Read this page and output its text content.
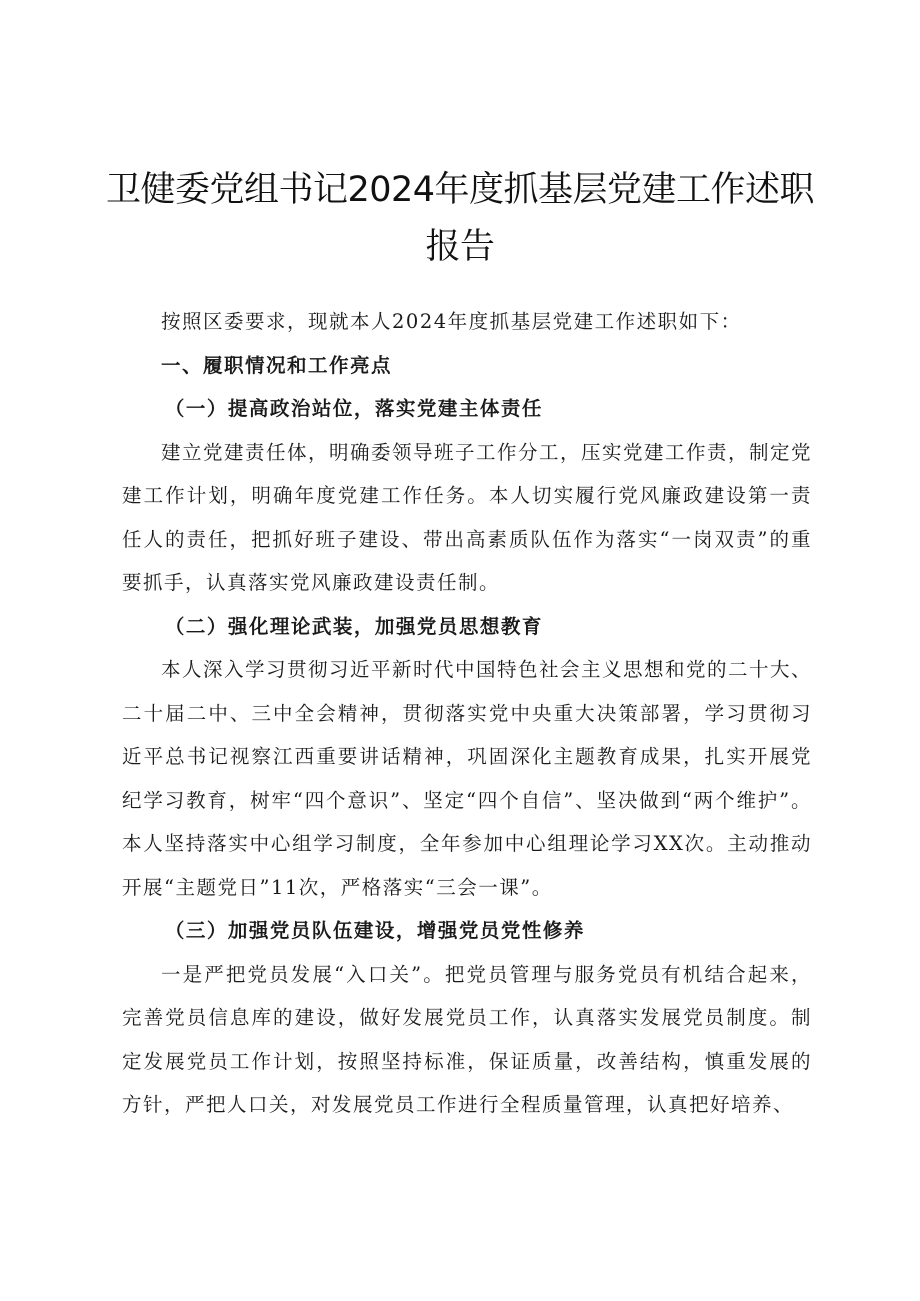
卫健委党组书记2024年度抓基层党建工作述职报告

按照区委要求，现就本人2024年度抓基层党建工作述职如下：

一、履职情况和工作亮点

（一）提高政治站位，落实党建主体责任

建立党建责任体，明确委领导班子工作分工，压实党建工作责，制定党建工作计划，明确年度党建工作任务。本人切实履行党风廉政建设第一责任人的责任，把抓好班子建设、带出高素质队伍作为落实“一岗双责”的重要抓手，认真落实党风廉政建设责任制。

（二）强化理论武装，加强党员思想教育

本人深入学习贯彻习近平新时代中国特色社会主义思想和党的二十大、二十届二中、三中全会精神，贯彻落实党中央重大决策部署，学习贯彻习近平总书记视察江西重要讲话精神，巩固深化主题教育成果，扎实开展党纪学习教育，树牢“四个意识”、坚定“四个自信”、坚决做到“两个维护”。本人坚持落实中心组学习制度，全年参加中心组理论学习XX次。主动推动开展“主题党日”11次，严格落实“三会一课”。

（三）加强党员队伍建设，增强党员党性修养

一是严把党员发展“入口关”。把党员管理与服务党员有机结合起来，完善党员信息库的建设，做好发展党员工作，认真落实发展党员制度。制定发展党员工作计划，按照坚持标准，保证质量，改善结构，慎重发展的方针，严把人口关，对发展党员工作进行全程质量管理，认真把好培养、
